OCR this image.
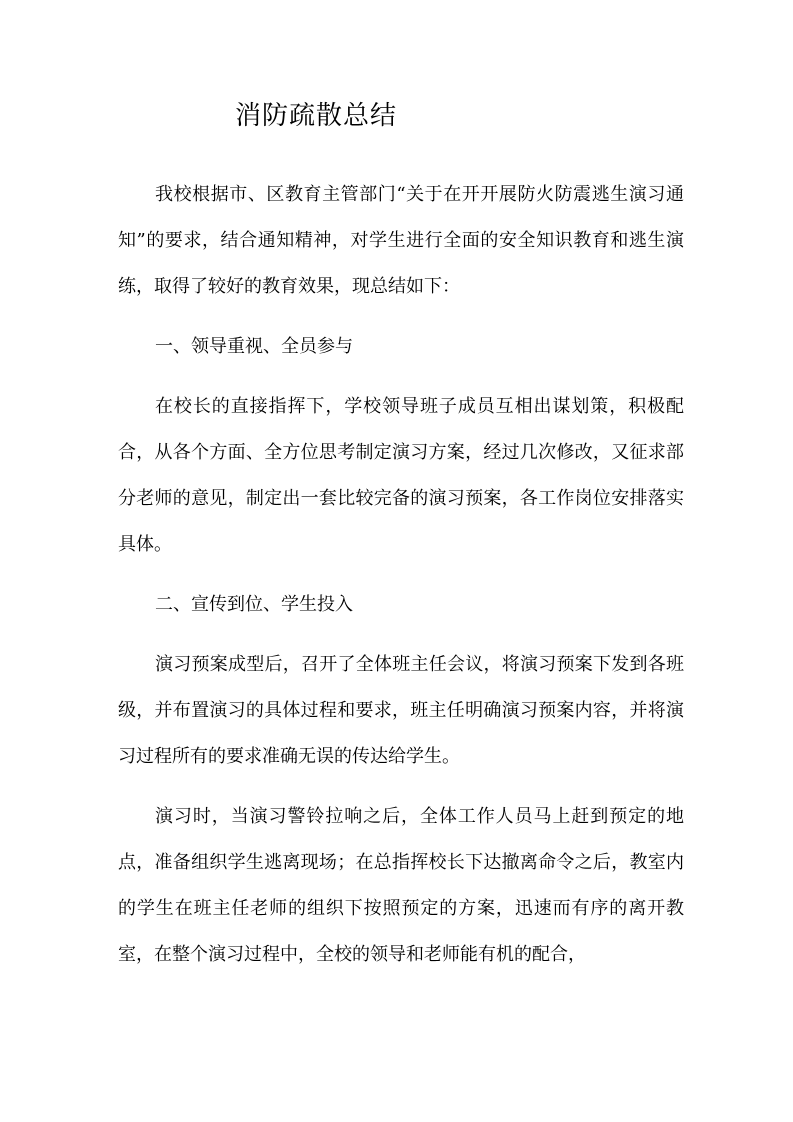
消防疏散总结

我校根据市、区教育主管部门“关于在开开展防火防震逃生演习通知”的要求，结合通知精神，对学生进行全面的安全知识教育和逃生演练，取得了较好的教育效果，现总结如下：

一、领导重视、全员参与

在校长的直接指挥下，学校领导班子成员互相出谋划策，积极配合，从各个方面、全方位思考制定演习方案，经过几次修改，又征求部分老师的意见，制定出一套比较完备的演习预案，各工作岗位安排落实具体。

二、宣传到位、学生投入

演习预案成型后，召开了全体班主任会议，将演习预案下发到各班级，并布置演习的具体过程和要求，班主任明确演习预案内容，并将演习过程所有的要求准确无误的传达给学生。

演习时，当演习警铃拉响之后，全体工作人员马上赶到预定的地点，准备组织学生逃离现场；在总指挥校长下达撤离命令之后，教室内的学生在班主任老师的组织下按照预定的方案，迅速而有序的离开教室，在整个演习过程中，全校的领导和老师能有机的配合，
